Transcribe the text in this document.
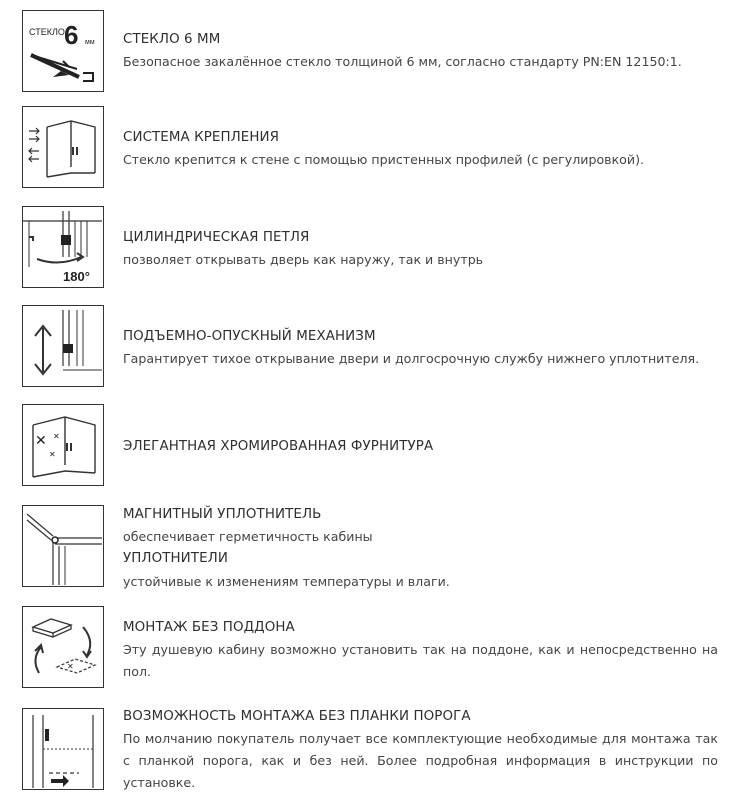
СТЕКЛО 6 мм СТЕКЛО 6 ММ
Безопасное закалённое стекло толщиной 6 мм, согласно стандарту PN:EN 12150:1.
СИСТЕМА КРЕПЛЕНИЯ
Стекло крепится к стене с помощью пристенных профилей (с регулировкой).
180°
ЦИЛИНДРИЧЕСКАЯ ПЕТЛЯ
позволяет открывать дверь как наружу, так и внутрь
ПОДЪЕМНО-ОПУСКНЫЙ МЕХАНИЗМ
Гарантирует тихое открывание двери и долгосрочную службу нижнего уплотнителя.
✕ ✕
✕
ЭЛЕГАНТНАЯ ХРОМИРОВАННАЯ ФУРНИТУРА
МАГНИТНЫЙ УПЛОТНИТЕЛЬ
обеспечивает герметичность кабины
УПЛОТНИТЕЛИ
устойчивые к изменениям температуры и влаги.
✕
МОНТАЖ БЕЗ ПОДДОНА
Эту душевую кабину возможно установить так на поддоне, как и непосредственно на пол.
ВОЗМОЖНОСТЬ МОНТАЖА БЕЗ ПЛАНКИ ПОРОГА
По молчанию покупатель получает все комплектующие необходимые для монтажа так с планкой порога, как и без ней. Более подробная информация в инструкции по установке.
